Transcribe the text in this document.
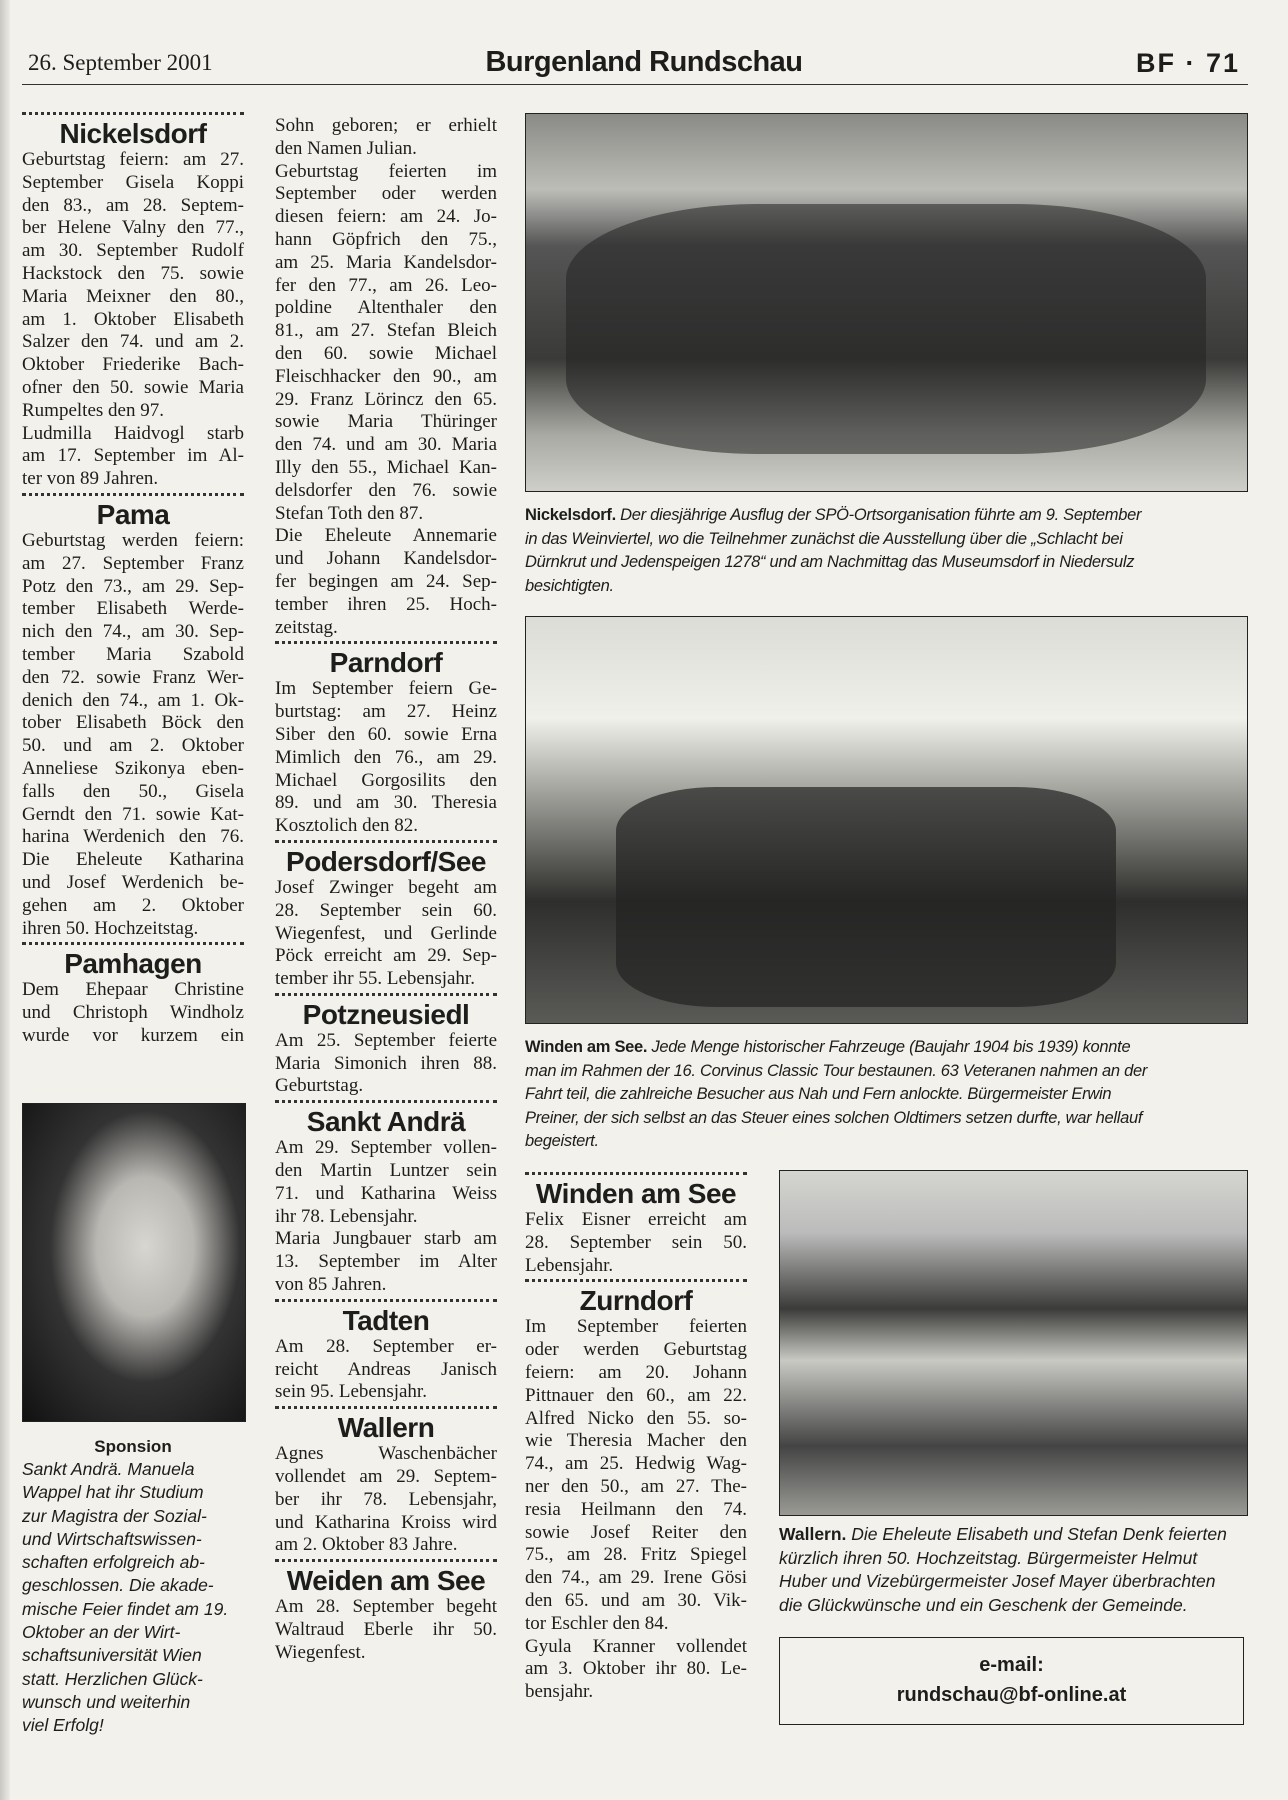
26. September 2001	Burgenland Rundschau	BF · 71
Nickelsdorf
Geburtstag feiern: am 27.
September Gisela Koppi
den 83., am 28. Septem-
ber Helene Valny den 77.,
am 30. September Rudolf
Hackstock den 75. sowie
Maria Meixner den 80.,
am 1. Oktober Elisabeth
Salzer den 74. und am 2.
Oktober Friederike Bach-
ofner den 50. sowie Maria
Rumpeltes den 97.
Ludmilla Haidvogl starb
am 17. September im Al-
ter von 89 Jahren.
Pama
Geburtstag werden feiern:
am 27. September Franz
Potz den 73., am 29. Sep-
tember Elisabeth Werde-
nich den 74., am 30. Sep-
tember Maria Szabold
den 72. sowie Franz Wer-
denich den 74., am 1. Ok-
tober Elisabeth Böck den
50. und am 2. Oktober
Anneliese Szikonya eben-
falls den 50., Gisela
Gerndt den 71. sowie Kat-
harina Werdenich den 76.
Die Eheleute Katharina
und Josef Werdenich be-
gehen am 2. Oktober
ihren 50. Hochzeitstag.
Pamhagen
Dem Ehepaar Christine
und Christoph Windholz
wurde vor kurzem ein
Sohn geboren; er erhielt
den Namen Julian.
Geburtstag feierten im
September oder werden
diesen feiern: am 24. Jo-
hann Göpfrich den 75.,
am 25. Maria Kandelsdor-
fer den 77., am 26. Leo-
poldine Altenthaler den
81., am 27. Stefan Bleich
den 60. sowie Michael
Fleischhacker den 90., am
29. Franz Lörincz den 65.
sowie Maria Thüringer
den 74. und am 30. Maria
Illy den 55., Michael Kan-
delsdorfer den 76. sowie
Stefan Toth den 87.
Die Eheleute Annemarie
und Johann Kandelsdor-
fer begingen am 24. Sep-
tember ihren 25. Hoch-
zeitstag.
Parndorf
Im September feiern Ge-
burtstag: am 27. Heinz
Siber den 60. sowie Erna
Mimlich den 76., am 29.
Michael Gorgosilits den
89. und am 30. Theresia
Kosztolich den 82.
Podersdorf/See
Josef Zwinger begeht am
28. September sein 60.
Wiegenfest, und Gerlinde
Pöck erreicht am 29. Sep-
tember ihr 55. Lebensjahr.
Potzneusiedl
Am 25. September feierte
Maria Simonich ihren 88.
Geburtstag.
Sankt Andrä
Am 29. September vollen-
den Martin Luntzer sein
71. und Katharina Weiss
ihr 78. Lebensjahr.
Maria Jungbauer starb am
13. September im Alter
von 85 Jahren.
Tadten
Am 28. September er-
reicht Andreas Janisch
sein 95. Lebensjahr.
Wallern
Agnes Waschenbächer
vollendet am 29. Septem-
ber ihr 78. Lebensjahr,
und Katharina Kroiss wird
am 2. Oktober 83 Jahre.
Weiden am See
Am 28. September begeht
Waltraud Eberle ihr 50.
Wiegenfest.
Winden am See
Felix Eisner erreicht am
28. September sein 50.
Lebensjahr.
Zurndorf
Im September feierten
oder werden Geburtstag
feiern: am 20. Johann
Pittnauer den 60., am 22.
Alfred Nicko den 55. so-
wie Theresia Macher den
74., am 25. Hedwig Wag-
ner den 50., am 27. The-
resia Heilmann den 74.
sowie Josef Reiter den
75., am 28. Fritz Spiegel
den 74., am 29. Irene Gösi
den 65. und am 30. Vik-
tor Eschler den 84.
Gyula Kranner vollendet
am 3. Oktober ihr 80. Le-
bensjahr.
Nickelsdorf. Der diesjährige Ausflug der SPÖ-Ortsorganisation führte am 9. September
in das Weinviertel, wo die Teilnehmer zunächst die Ausstellung über die „Schlacht bei
Dürnkrut und Jedenspeigen 1278“ und am Nachmittag das Museumsdorf in Niedersulz
besichtigten.
Winden am See. Jede Menge historischer Fahrzeuge (Baujahr 1904 bis 1939) konnte
man im Rahmen der 16. Corvinus Classic Tour bestaunen. 63 Veteranen nahmen an der
Fahrt teil, die zahlreiche Besucher aus Nah und Fern anlockte. Bürgermeister Erwin
Preiner, der sich selbst an das Steuer eines solchen Oldtimers setzen durfte, war hellauf
begeistert.
Wallern. Die Eheleute Elisabeth und Stefan Denk feierten
kürzlich ihren 50. Hochzeitstag. Bürgermeister Helmut
Huber und Vizebürgermeister Josef Mayer überbrachten
die Glückwünsche und ein Geschenk der Gemeinde.
Sponsion
Sankt Andrä. Manuela
Wappel hat ihr Studium
zur Magistra der Sozial-
und Wirtschaftswissen-
schaften erfolgreich ab-
geschlossen. Die akade-
mische Feier findet am 19.
Oktober an der Wirt-
schaftsuniversität Wien
statt. Herzlichen Glück-
wunsch und weiterhin
viel Erfolg!
e-mail:
rundschau@bf-online.at
